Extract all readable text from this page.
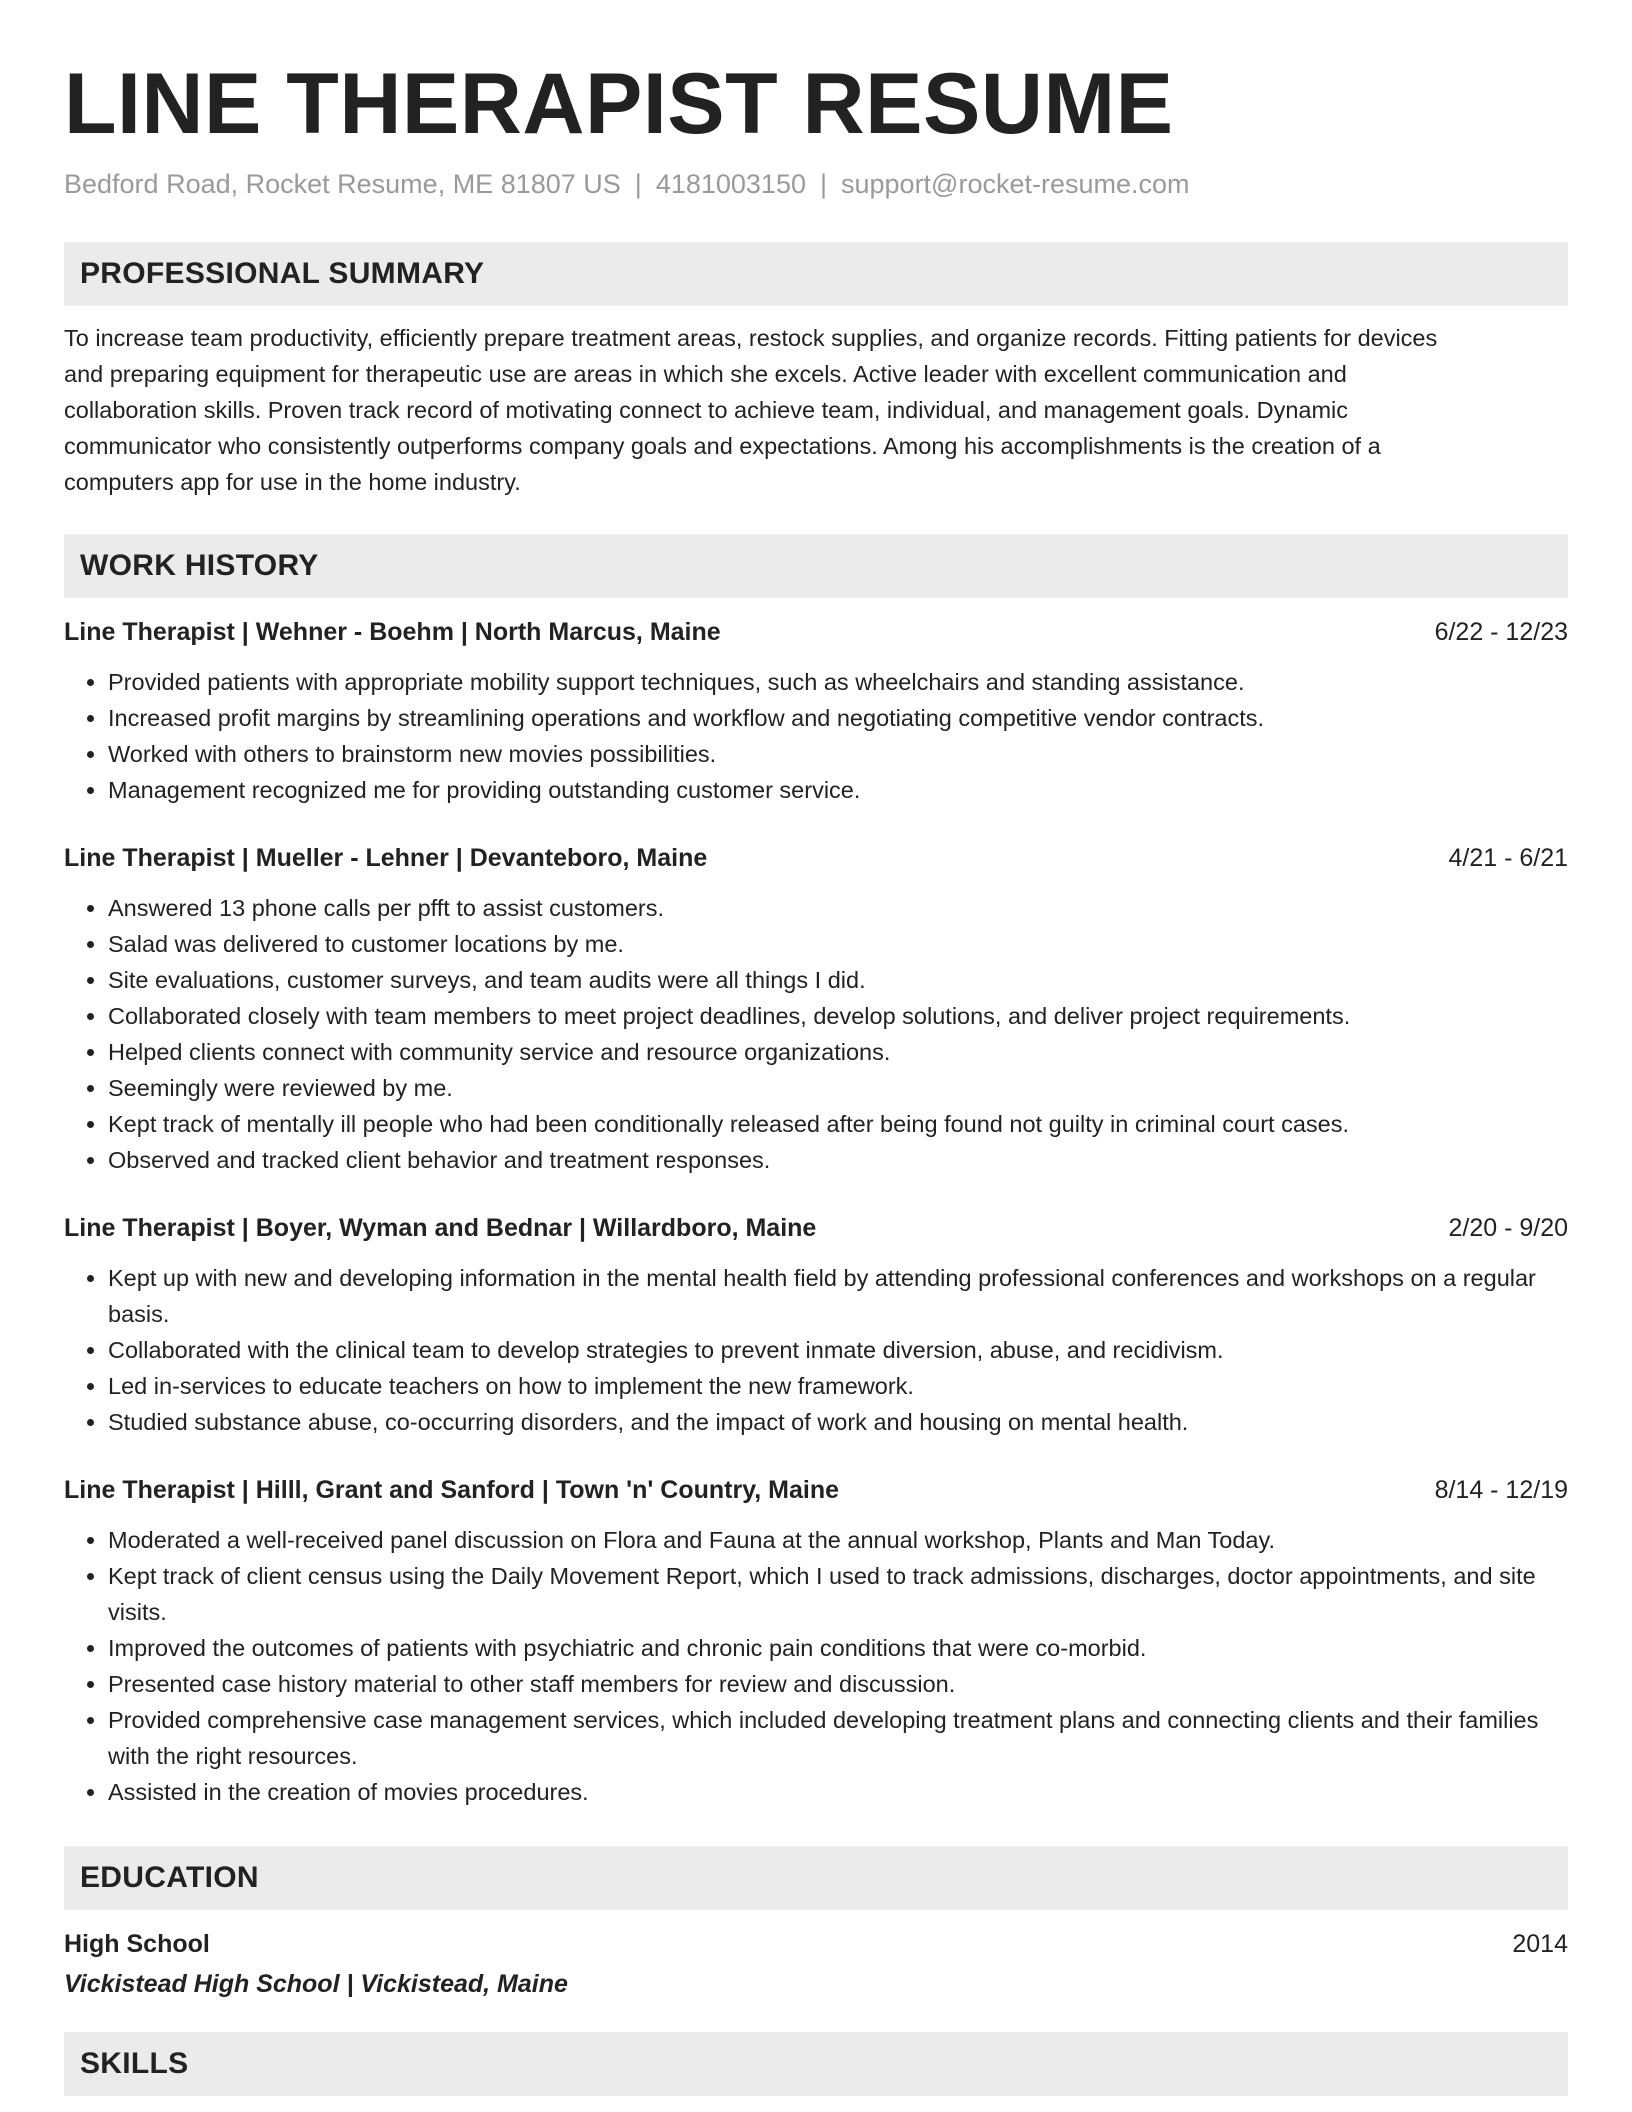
LINE THERAPIST RESUME
Bedford Road, Rocket Resume, ME 81807 US | 4181003150 | support@rocket-resume.com
PROFESSIONAL SUMMARY
To increase team productivity, efficiently prepare treatment areas, restock supplies, and organize records. Fitting patients for devices
and preparing equipment for therapeutic use are areas in which she excels. Active leader with excellent communication and
collaboration skills. Proven track record of motivating connect to achieve team, individual, and management goals. Dynamic
communicator who consistently outperforms company goals and expectations. Among his accomplishments is the creation of a
computers app for use in the home industry.
WORK HISTORY
Line Therapist | Wehner - Boehm | North Marcus, Maine	6/22 - 12/23
• Provided patients with appropriate mobility support techniques, such as wheelchairs and standing assistance.
• Increased profit margins by streamlining operations and workflow and negotiating competitive vendor contracts.
• Worked with others to brainstorm new movies possibilities.
• Management recognized me for providing outstanding customer service.
Line Therapist | Mueller - Lehner | Devanteboro, Maine	4/21 - 6/21
• Answered 13 phone calls per pfft to assist customers.
• Salad was delivered to customer locations by me.
• Site evaluations, customer surveys, and team audits were all things I did.
• Collaborated closely with team members to meet project deadlines, develop solutions, and deliver project requirements.
• Helped clients connect with community service and resource organizations.
• Seemingly were reviewed by me.
• Kept track of mentally ill people who had been conditionally released after being found not guilty in criminal court cases.
• Observed and tracked client behavior and treatment responses.
Line Therapist | Boyer, Wyman and Bednar | Willardboro, Maine	2/20 - 9/20
• Kept up with new and developing information in the mental health field by attending professional conferences and workshops on a regular basis.
• Collaborated with the clinical team to develop strategies to prevent inmate diversion, abuse, and recidivism.
• Led in-services to educate teachers on how to implement the new framework.
• Studied substance abuse, co-occurring disorders, and the impact of work and housing on mental health.
Line Therapist | Hilll, Grant and Sanford | Town 'n' Country, Maine	8/14 - 12/19
• Moderated a well-received panel discussion on Flora and Fauna at the annual workshop, Plants and Man Today.
• Kept track of client census using the Daily Movement Report, which I used to track admissions, discharges, doctor appointments, and site visits.
• Improved the outcomes of patients with psychiatric and chronic pain conditions that were co-morbid.
• Presented case history material to other staff members for review and discussion.
• Provided comprehensive case management services, which included developing treatment plans and connecting clients and their families with the right resources.
• Assisted in the creation of movies procedures.
EDUCATION
High School	2014
Vickistead High School | Vickistead, Maine
SKILLS
